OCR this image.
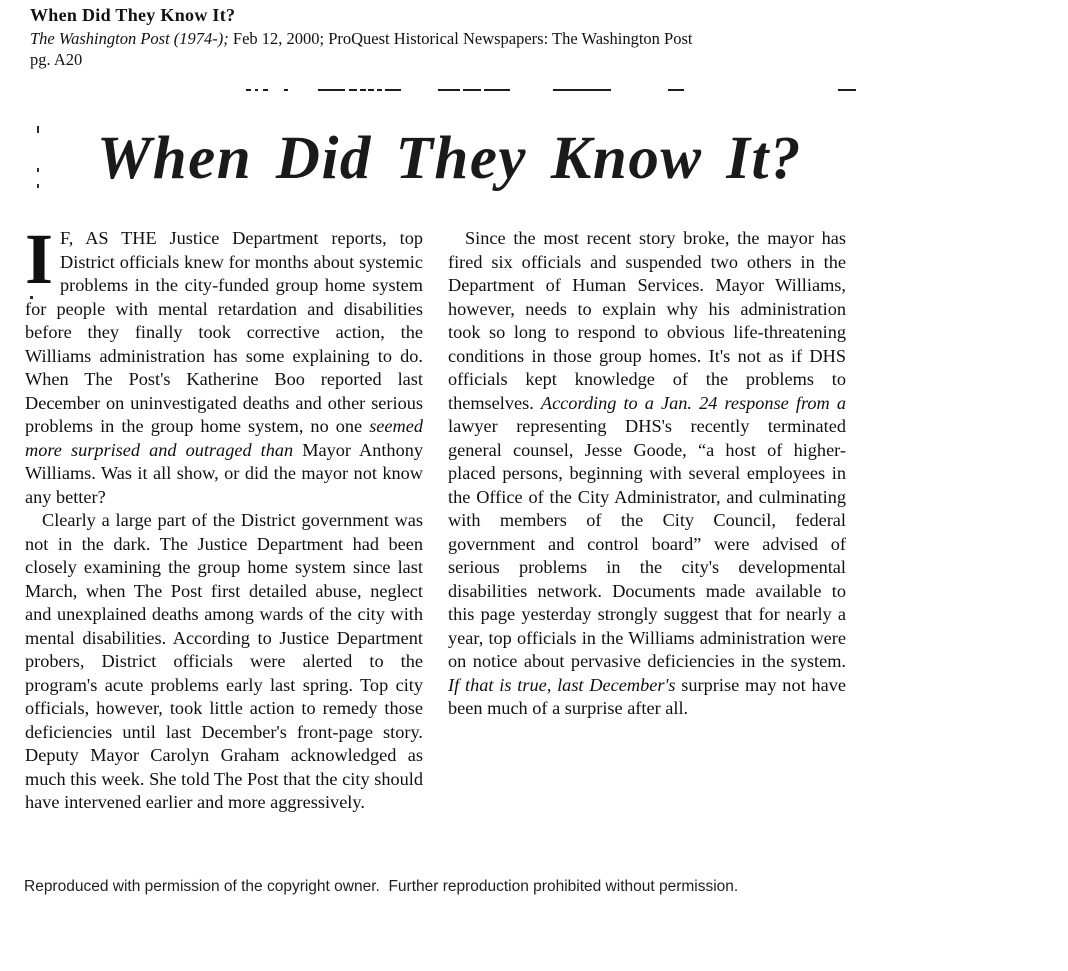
When Did They Know It?

The Washington Post (1974-); Feb 12, 2000; ProQuest Historical Newspapers: The Washington Post

pg. A20

When Did They Know It?

I F, AS THE Justice Department reports, top District officials knew for months about systemic problems in the city-funded group home system for people with mental retardation and disabilities before they finally took corrective action, the Williams administration has some explaining to do. When The Post's Katherine Boo reported last December on uninvestigated deaths and other serious problems in the group home system, no one seemed more surprised and outraged than Mayor Anthony Williams. Was it all show, or did the mayor not know any better?

Clearly a large part of the District government was not in the dark. The Justice Department had been closely examining the group home system since last March, when The Post first detailed abuse, neglect and unexplained deaths among wards of the city with mental disabilities. According to Justice Department probers, District officials were alerted to the program's acute problems early last spring. Top city officials, however, took little action to remedy those deficiencies until last December's front-page story. Deputy Mayor Carolyn Graham acknowledged as much this week. She told The Post that the city should have intervened earlier and more aggressively.

Since the most recent story broke, the mayor has fired six officials and suspended two others in the Department of Human Services. Mayor Williams, however, needs to explain why his administration took so long to respond to obvious life-threatening conditions in those group homes. It's not as if DHS officials kept knowledge of the problems to themselves. According to a Jan. 24 response from a lawyer representing DHS's recently terminated general counsel, Jesse Goode, “a host of higher-placed persons, beginning with several employees in the Office of the City Administrator, and culminating with members of the City Council, federal government and control board” were advised of serious problems in the city's developmental disabilities network. Documents made available to this page yesterday strongly suggest that for nearly a year, top officials in the Williams administration were on notice about pervasive deficiencies in the system. If that is true, last December's surprise may not have been much of a surprise after all.

Reproduced with permission of the copyright owner.  Further reproduction prohibited without permission.
